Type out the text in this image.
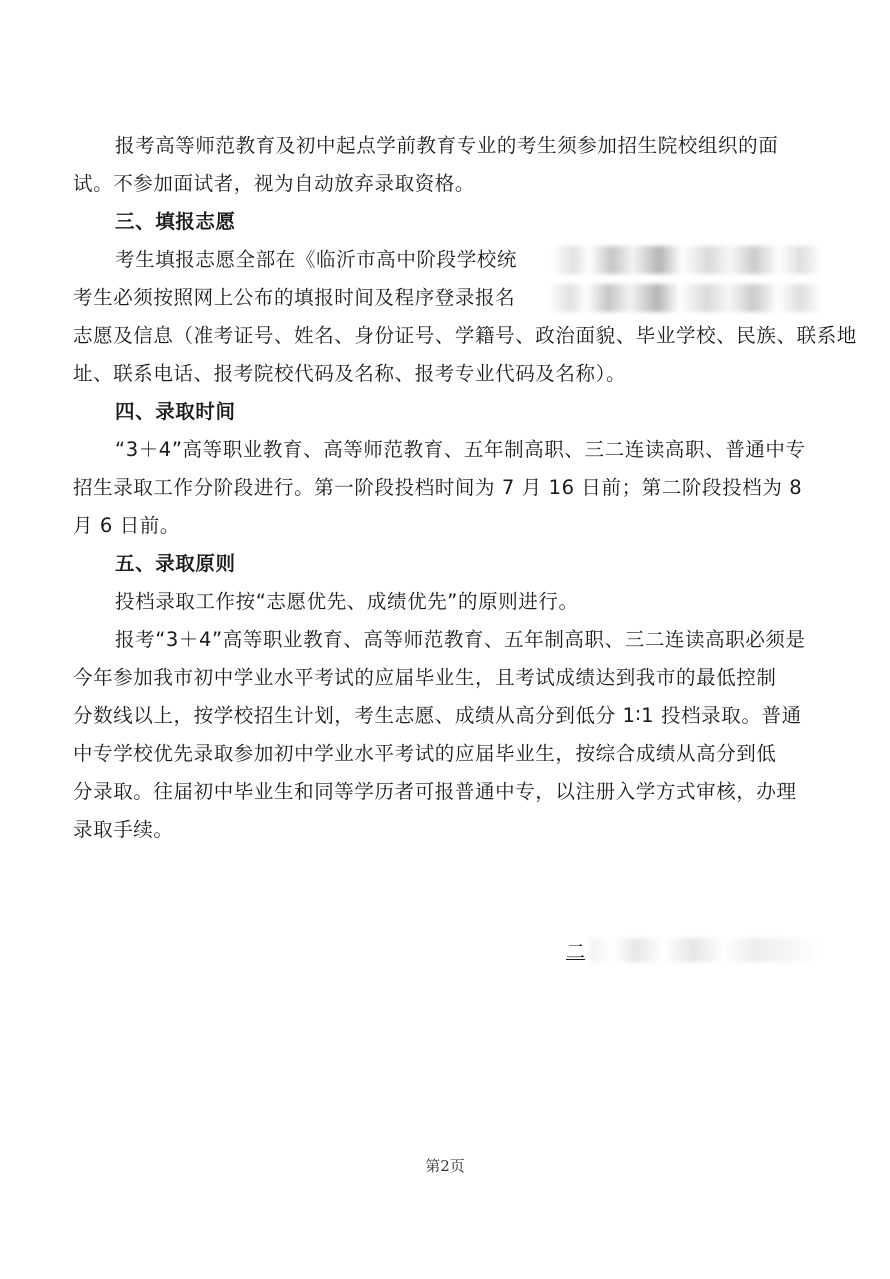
报考高等师范教育及初中起点学前教育专业的考生须参加招生院校组织的面
试。不参加面试者，视为自动放弃录取资格。
三、填报志愿
考生填报志愿全部在《临沂市高中阶段学校统
考生必须按照网上公布的填报时间及程序登录报名
志愿及信息（准考证号、姓名、身份证号、学籍号、政治面貌、毕业学校、民族、联系地
址、联系电话、报考院校代码及名称、报考专业代码及名称）。
四、录取时间
“3＋4”高等职业教育、高等师范教育、五年制高职、三二连读高职、普通中专
招生录取工作分阶段进行。第一阶段投档时间为 7 月 16 日前；第二阶段投档为 8
月 6 日前。
五、录取原则
投档录取工作按“志愿优先、成绩优先”的原则进行。
报考“3＋4”高等职业教育、高等师范教育、五年制高职、三二连读高职必须是
今年参加我市初中学业水平考试的应届毕业生，且考试成绩达到我市的最低控制
分数线以上，按学校招生计划，考生志愿、成绩从高分到低分 1∶1 投档录取。普通
中专学校优先录取参加初中学业水平考试的应届毕业生，按综合成绩从高分到低
分录取。往届初中毕业生和同等学历者可报普通中专，以注册入学方式审核，办理
录取手续。
二
第2页
